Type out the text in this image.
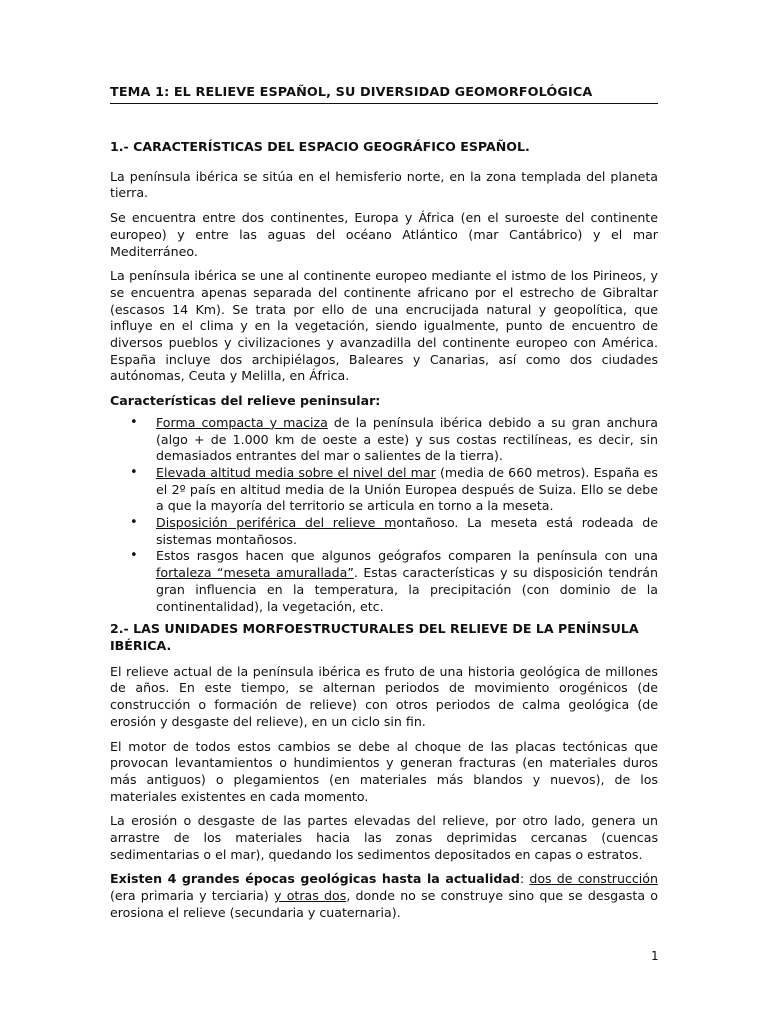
TEMA 1: EL RELIEVE ESPAÑOL, SU DIVERSIDAD GEOMORFOLÓGICA
1.- CARACTERÍSTICAS DEL ESPACIO GEOGRÁFICO ESPAÑOL.

La península ibérica se sitúa en el hemisferio norte, en la zona templada del planeta tierra.

Se encuentra entre dos continentes, Europa y África (en el suroeste del continente europeo) y entre las aguas del océano Atlántico (mar Cantábrico) y el mar Mediterráneo.

La península ibérica se une al continente europeo mediante el istmo de los Pirineos, y se encuentra apenas separada del continente africano por el estrecho de Gibraltar (escasos 14 Km). Se trata por ello de una encrucijada natural y geopolítica, que influye en el clima y en la vegetación, siendo igualmente, punto de encuentro de diversos pueblos y civilizaciones y avanzadilla del continente europeo con América. España incluye dos archipiélagos, Baleares y Canarias, así como dos ciudades autónomas, Ceuta y Melilla, en África.

Características del relieve peninsular:
• Forma compacta y maciza de la península ibérica debido a su gran anchura (algo + de 1.000 km de oeste a este) y sus costas rectilíneas, es decir, sin demasiados entrantes del mar o salientes de la tierra).
• Elevada altitud media sobre el nivel del mar (media de 660 metros). España es el 2º país en altitud media de la Unión Europea después de Suiza. Ello se debe a que la mayoría del territorio se articula en torno a la meseta.
• Disposición periférica del relieve montañoso. La meseta está rodeada de sistemas montañosos.
• Estos rasgos hacen que algunos geógrafos comparen la península con una fortaleza “meseta amurallada”. Estas características y su disposición tendrán gran influencia en la temperatura, la precipitación (con dominio de la continentalidad), la vegetación, etc.
2.- LAS UNIDADES MORFOESTRUCTURALES DEL RELIEVE DE LA PENÍNSULA IBÉRICA.

El relieve actual de la península ibérica es fruto de una historia geológica de millones de años. En este tiempo, se alternan periodos de movimiento orogénicos (de construcción o formación de relieve) con otros periodos de calma geológica (de erosión y desgaste del relieve), en un ciclo sin fin.

El motor de todos estos cambios se debe al choque de las placas tectónicas que provocan levantamientos o hundimientos y generan fracturas (en materiales duros más antiguos) o plegamientos (en materiales más blandos y nuevos), de los materiales existentes en cada momento.

La erosión o desgaste de las partes elevadas del relieve, por otro lado, genera un arrastre de los materiales hacia las zonas deprimidas cercanas (cuencas sedimentarias o el mar), quedando los sedimentos depositados en capas o estratos.

Existen 4 grandes épocas geológicas hasta la actualidad: dos de construcción (era primaria y terciaria) y otras dos, donde no se construye sino que se desgasta o erosiona el relieve (secundaria y cuaternaria).

1
